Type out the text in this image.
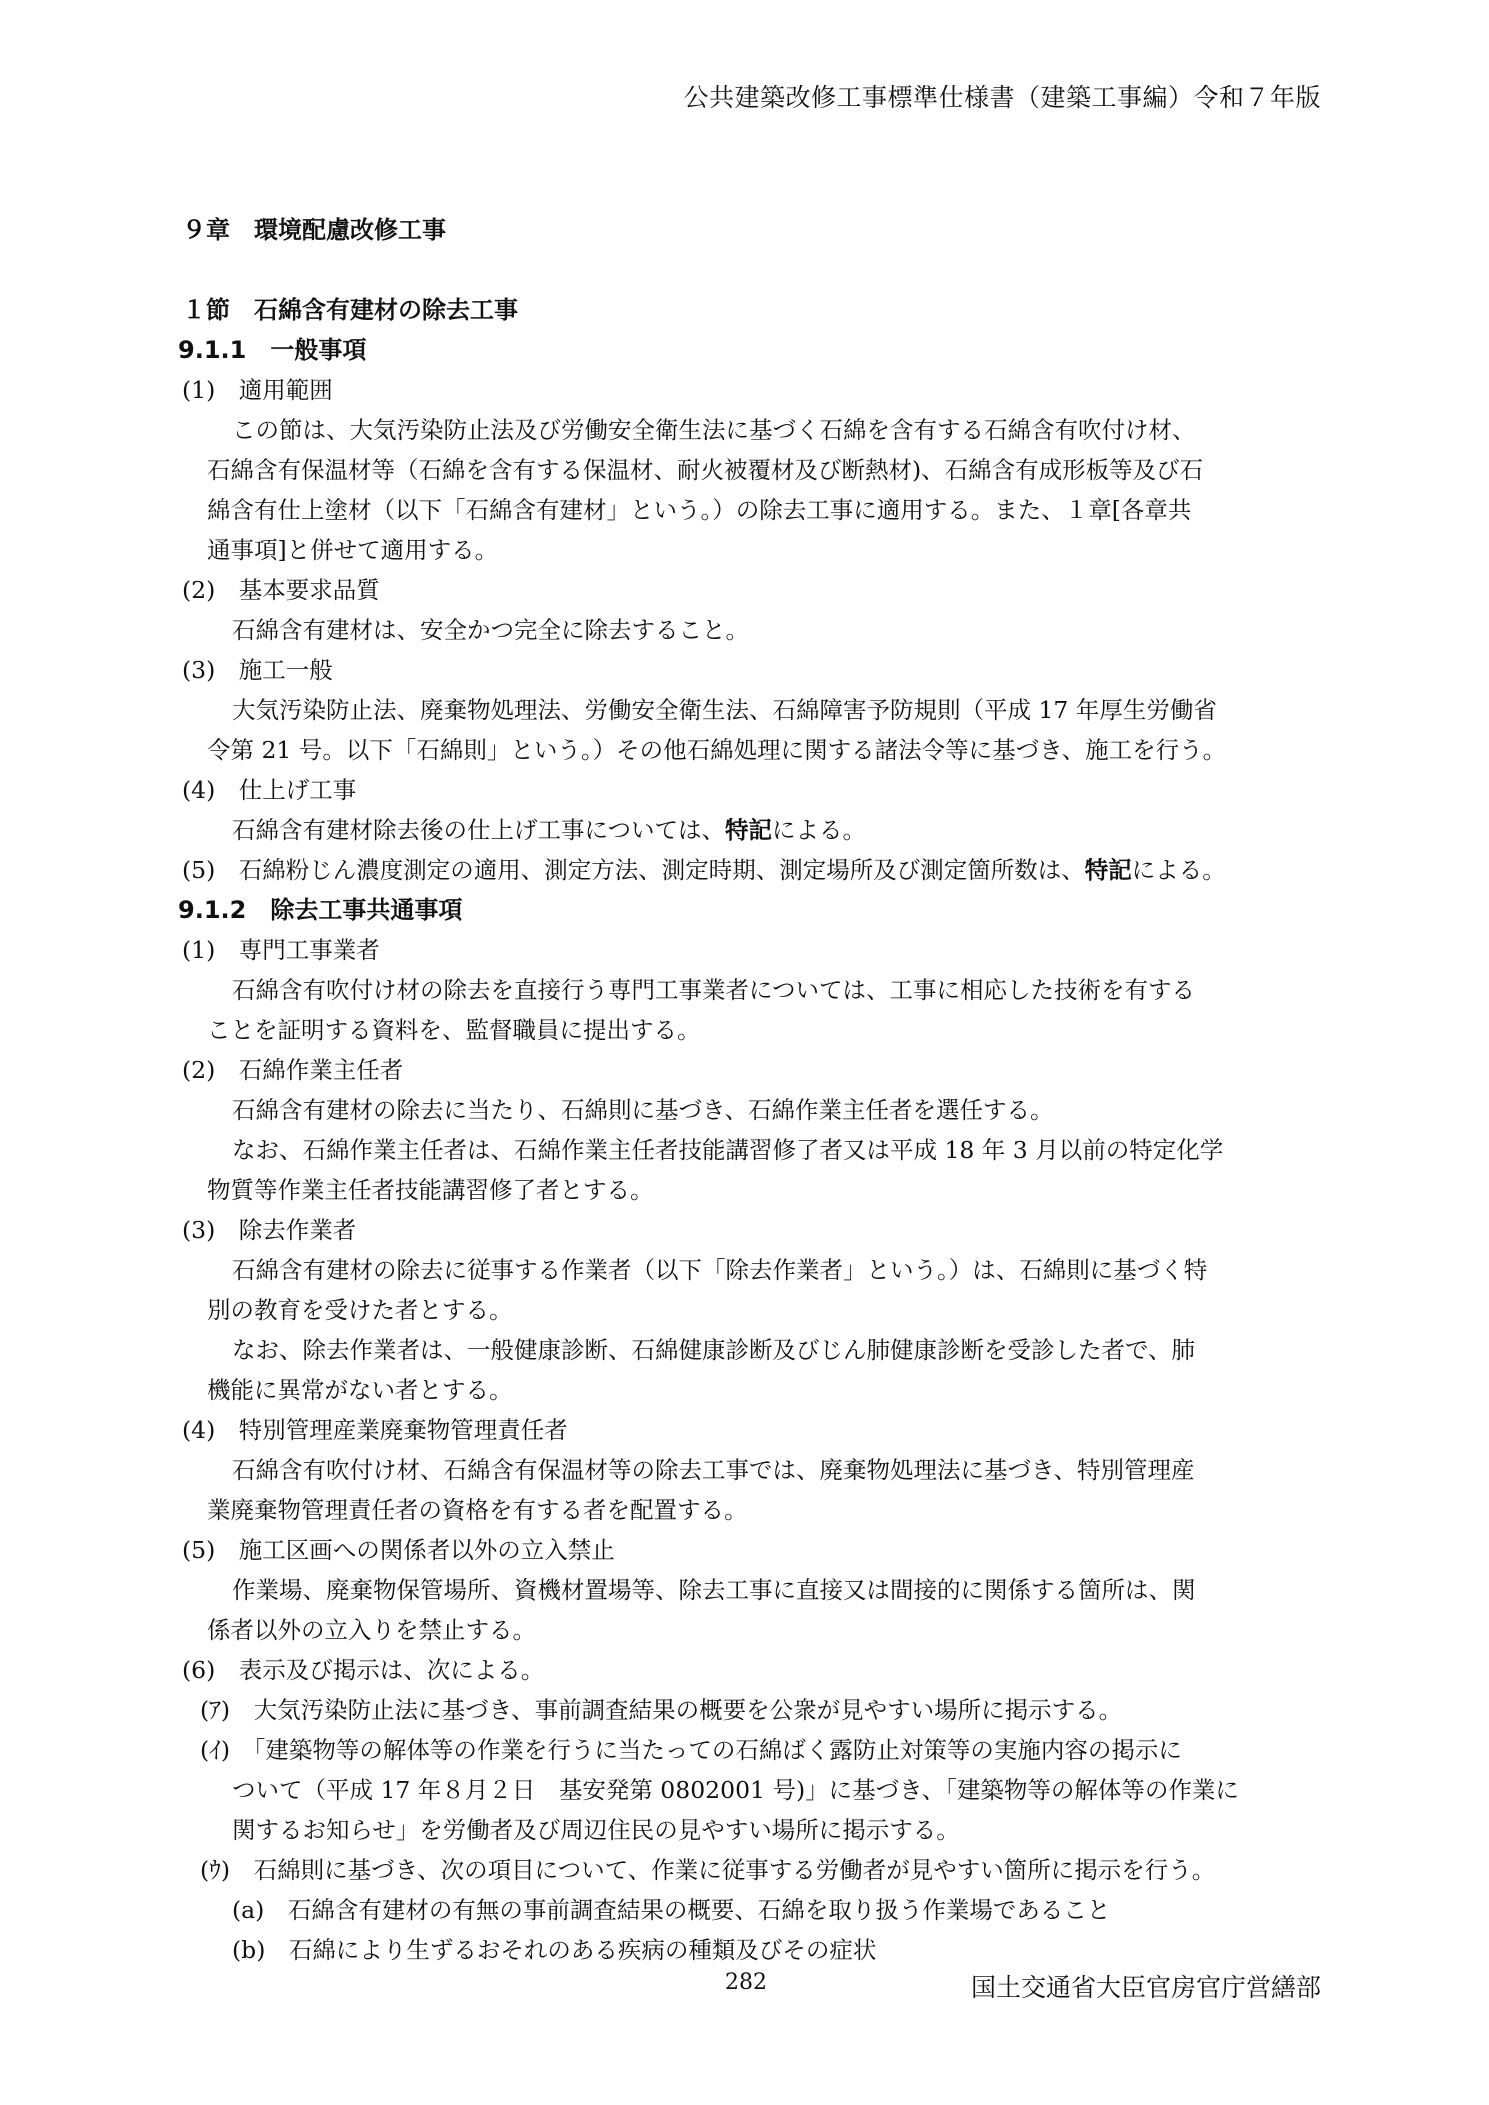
公共建築改修工事標準仕様書（建築工事編）令和７年版
９章　環境配慮改修工事
１節　石綿含有建材の除去工事
9.1.1　一般事項
(1)　適用範囲
この節は、大気汚染防止法及び労働安全衛生法に基づく石綿を含有する石綿含有吹付け材、
石綿含有保温材等（石綿を含有する保温材、耐火被覆材及び断熱材)、石綿含有成形板等及び石
綿含有仕上塗材（以下「石綿含有建材」という。）の除去工事に適用する。また、１章[各章共
通事項]と併せて適用する。
(2)　基本要求品質
石綿含有建材は、安全かつ完全に除去すること。
(3)　施工一般
大気汚染防止法、廃棄物処理法、労働安全衛生法、石綿障害予防規則（平成 17 年厚生労働省
令第 21 号。以下「石綿則」という。）その他石綿処理に関する諸法令等に基づき、施工を行う。
(4)　仕上げ工事
石綿含有建材除去後の仕上げ工事については、特記による。
(5)　石綿粉じん濃度測定の適用、測定方法、測定時期、測定場所及び測定箇所数は、特記による。
9.1.2　除去工事共通事項
(1)　専門工事業者
石綿含有吹付け材の除去を直接行う専門工事業者については、工事に相応した技術を有する
ことを証明する資料を、監督職員に提出する。
(2)　石綿作業主任者
石綿含有建材の除去に当たり、石綿則に基づき、石綿作業主任者を選任する。
なお、石綿作業主任者は、石綿作業主任者技能講習修了者又は平成 18 年 3 月以前の特定化学
物質等作業主任者技能講習修了者とする。
(3)　除去作業者
石綿含有建材の除去に従事する作業者（以下「除去作業者」という。）は、石綿則に基づく特
別の教育を受けた者とする。
なお、除去作業者は、一般健康診断、石綿健康診断及びじん肺健康診断を受診した者で、肺
機能に異常がない者とする。
(4)　特別管理産業廃棄物管理責任者
石綿含有吹付け材、石綿含有保温材等の除去工事では、廃棄物処理法に基づき、特別管理産
業廃棄物管理責任者の資格を有する者を配置する。
(5)　施工区画への関係者以外の立入禁止
作業場、廃棄物保管場所、資機材置場等、除去工事に直接又は間接的に関係する箇所は、関
係者以外の立入りを禁止する。
(6)　表示及び掲示は、次による。
(ｱ)　大気汚染防止法に基づき、事前調査結果の概要を公衆が見やすい場所に掲示する。
(ｲ)　「建築物等の解体等の作業を行うに当たっての石綿ばく露防止対策等の実施内容の掲示に
ついて（平成 17 年８月２日　基安発第 0802001 号)」に基づき、「建築物等の解体等の作業に
関するお知らせ」を労働者及び周辺住民の見やすい場所に掲示する。
(ｳ)　石綿則に基づき、次の項目について、作業に従事する労働者が見やすい箇所に掲示を行う。
(a)　石綿含有建材の有無の事前調査結果の概要、石綿を取り扱う作業場であること
(b)　石綿により生ずるおそれのある疾病の種類及びその症状
282	国土交通省大臣官房官庁営繕部
